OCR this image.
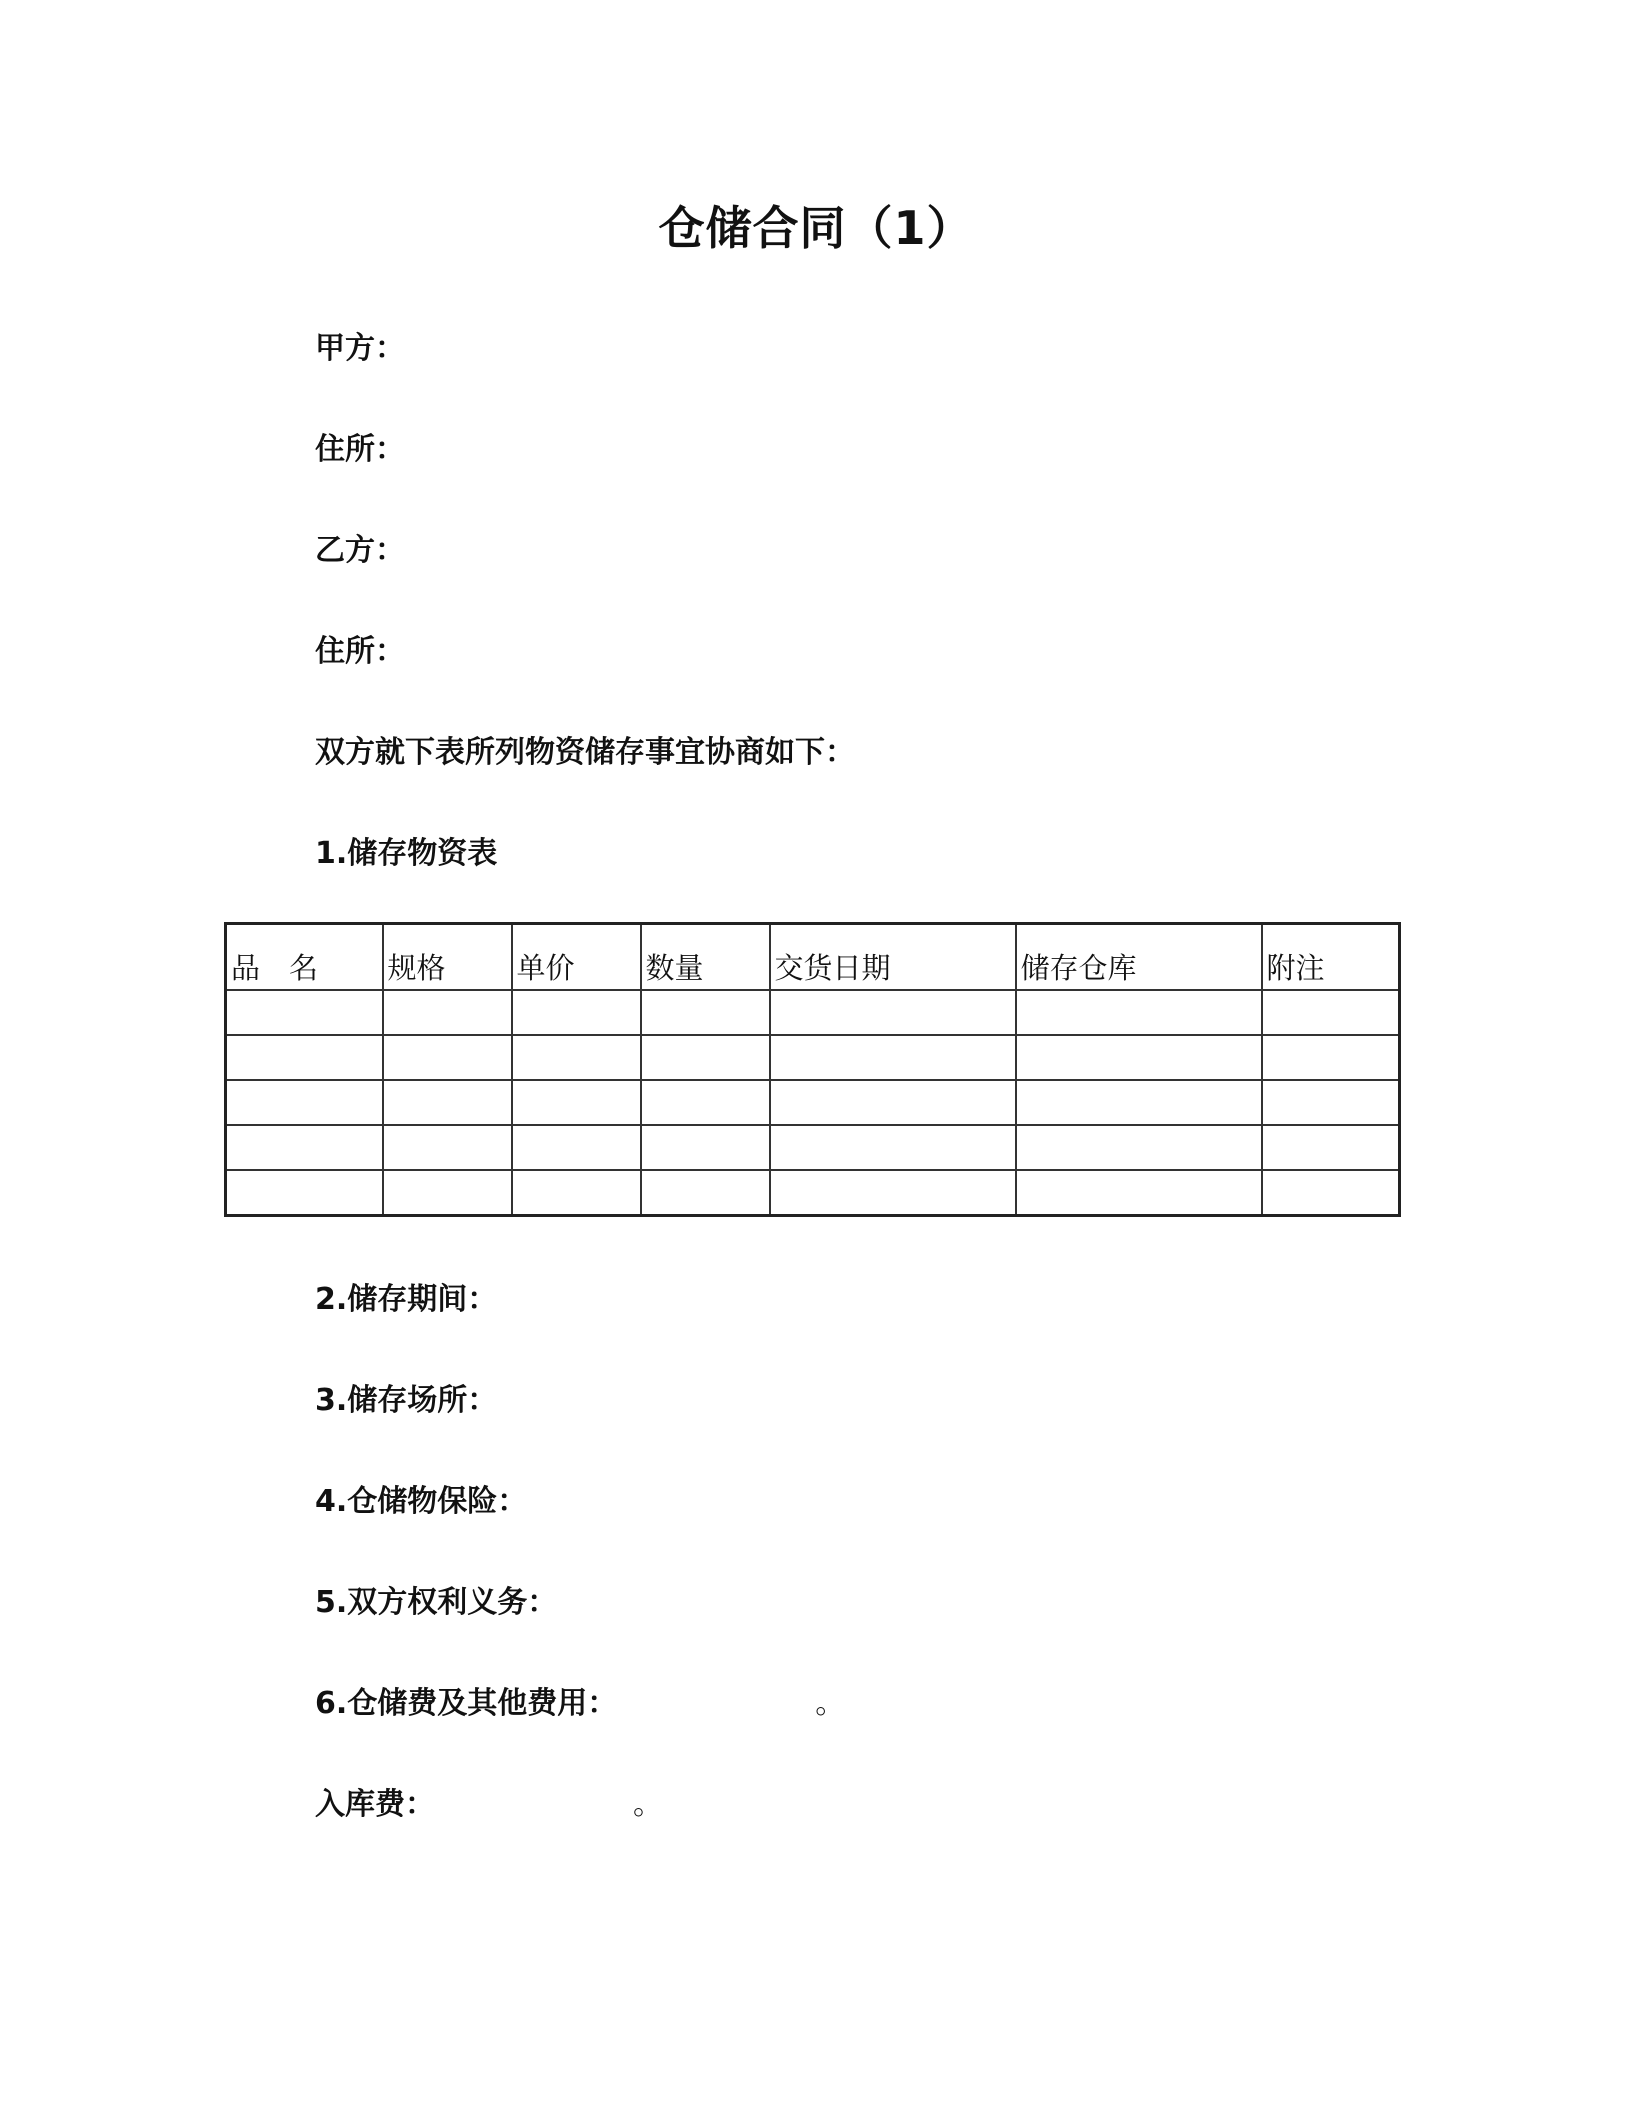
仓储合同（1）
甲方：
住所：
乙方：
住所：
双方就下表所列物资储存事宜协商如下：
1.储存物资表
品　名	规格	单价	数量	交货日期	储存仓库	附注

2.储存期间：
3.储存场所：
4.仓储物保险：
5.双方权利义务：
6.仓储费及其他费用：	。
入库费：	。
